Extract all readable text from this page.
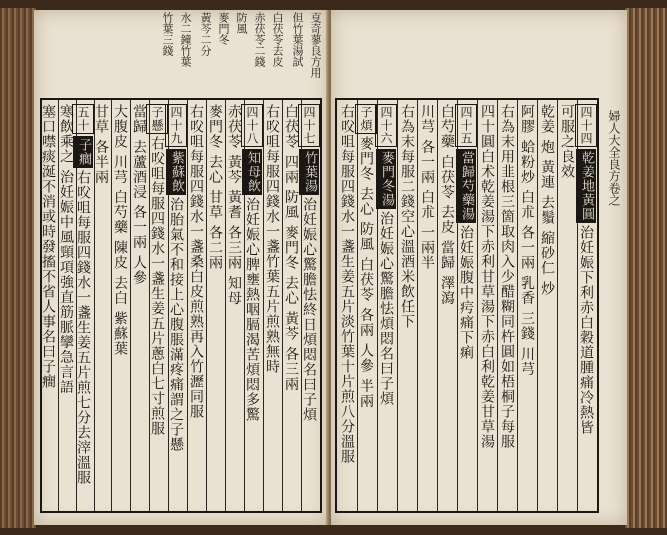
㕝奇蓼良方用
但竹葉湯試
白茯苓去皮
赤茯苓二錢
防風
麥門冬
黃芩二分
水二鐘竹葉
竹葉三錢
四十七竹葉湯治妊娠心驚膽怯終日煩悶名曰子煩
白茯苓 四兩 防風 麥門冬 去心 黃芩 各三兩
右㕮咀每服四錢水一盞竹葉五片煎熟無時
四十八知母飲治妊娠心脾壅熱咽膈渴苦煩悶多驚
赤茯苓 黃芩 黃耆 各三兩 知母
麥門冬 去心 甘草 各二兩
右㕮咀每服四錢水一盞桑白皮煎熟再入竹瀝同服
四十九紫蘇飲治胎氣不和接上心腹脹滿疼痛謂之子懸
子懸右㕮咀每服四錢水一盞生姜五片蔥白七寸煎服
當歸 去蘆酒浸 各一兩 人參
大腹皮 川芎 白芍藥 陳皮 去白 紫蘇葉
甘草 各半兩
五十子癎右㕮咀每服四錢水一盞生姜五片煎七分去滓溫服
寒飲乘之 治妊娠中風頸項強直筋脈攣急言語
塞口噤痰涎不消或時發搐不省人事名曰子癎	四十四乾姜地黃圓治妊娠下利赤白穀道腫痛冷熱皆
可服之良效
乾姜 炮 黃連 去鬚 縮砂仁 炒
阿膠 蛤粉炒 白朮 各一兩 乳香 三錢 川芎
右為末用韭根三箇取肉入少醋糊同杵圓如梧桐子每服
四十圓白术乾姜湯下赤利甘草湯下赤白利乾姜甘草湯
四十五當歸芍藥湯治妊娠腹中疞痛下痢
白芍藥 白茯苓 去皮 當歸 澤瀉
川芎 各一兩 白朮 一兩半
右為末每服二錢空心溫酒米飲任下
四十六麥門冬湯治妊娠心驚膽怯煩悶名曰子煩
子煩麥門冬 去心 防風 白茯苓 各兩 人參 半兩
右㕮咀每服四錢水一盞生姜五片淡竹葉十片煎八分溫服	婦人大全良方卷之
